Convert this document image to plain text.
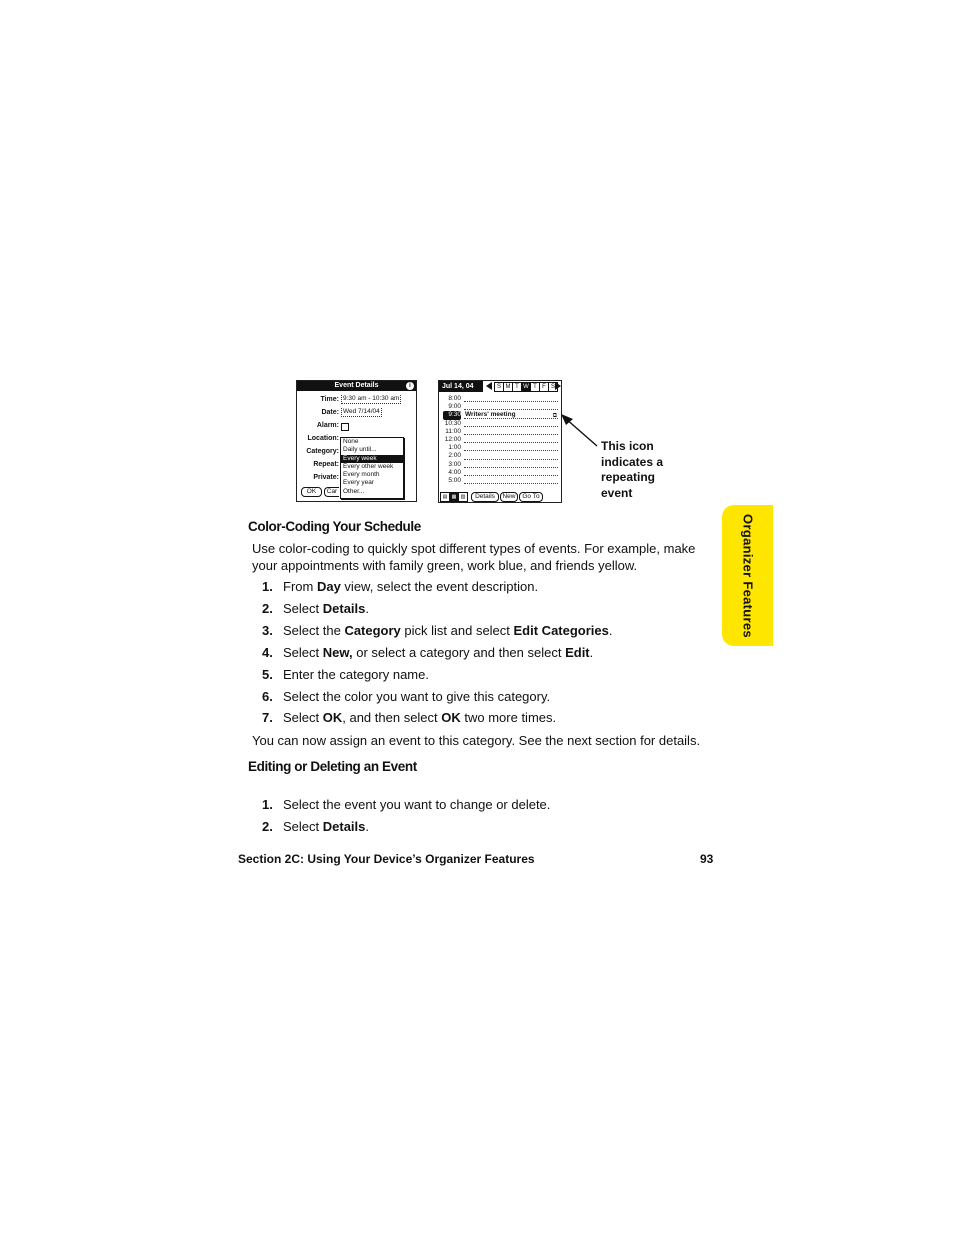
Event Details	i
Time: 9:30 am - 10:30 am
Date: Wed 7/14/04
Alarm:
Location:
Category:
Repeat:
Private:
None
Daily until...
Every week
Every other week
Every month
Every year
Other...
OK	Car
Jul 14, 04	S M T W T F S
8:00
9:00
9:30 Writers' meeting	⧉
10:30
11:00
12:00
1:00
2:00
3:00
4:00
5:00
▤ ▦ ▥	Details	New	Go To
This icon
indicates a
repeating
event
Organizer Features
Color-Coding Your Schedule
Use color-coding to quickly spot different types of events. For example, make your appointments with family green, work blue, and friends yellow.
1. From Day view, select the event description.
2. Select Details.
3. Select the Category pick list and select Edit Categories.
4. Select New, or select a category and then select Edit.
5. Enter the category name.
6. Select the color you want to give this category.
7. Select OK, and then select OK two more times.
You can now assign an event to this category. See the next section for details.
Editing or Deleting an Event
1. Select the event you want to change or delete.
2. Select Details.
Section 2C: Using Your Device’s Organizer Features	93
